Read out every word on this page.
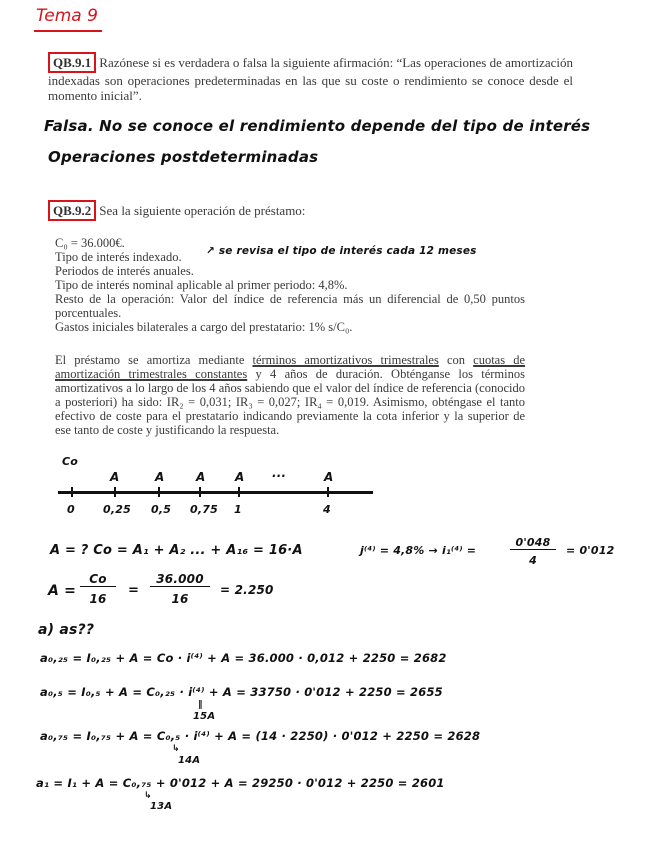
Tema 9
QB.9.1 Razónese si es verdadera o falsa la siguiente afirmación: “Las operaciones de amortización indexadas son operaciones predeterminadas en las que su coste o rendimiento se conoce desde el momento inicial”.
Falsa. No se conoce el rendimiento depende del tipo de interés
Operaciones postdeterminadas
QB.9.2 Sea la siguiente operación de préstamo:
C₀ = 36.000€.
Tipo de interés indexado.
Periodos de interés anuales.
Tipo de interés nominal aplicable al primer periodo: 4,8%.
Resto de la operación: Valor del índice de referencia más un diferencial de 0,50 puntos porcentuales.
Gastos iniciales bilaterales a cargo del prestatario: 1% s/C₀.
↗ se revisa el tipo de interés cada 12 meses
El préstamo se amortiza mediante términos amortizativos trimestrales con cuotas de amortización trimestrales constantes y 4 años de duración. Obténganse los términos amortizativos a lo largo de los 4 años sabiendo que el valor del índice de referencia (conocido a posteriori) ha sido: IR₂ = 0,031; IR₃ = 0,027; IR₄ = 0,019. Asimismo, obténgase el tanto efectivo de coste para el prestatario indicando previamente la cota inferior y la superior de ese tanto de coste y justificando la respuesta.
Co
A	A	A A ...	A
0	0,25 0,5 0,75 1	4
A = ? Co = A₁ + A₂ ... + A₁₆ = 16·A	j⁽⁴⁾ = 4,8% → i₁⁽⁴⁾ =
0'048
4
= 0'012
A =
Co
16
=
36.000
16
= 2.250
a) as??
a₀,₂₅ = I₀,₂₅ + A = Co · i⁽⁴⁾ + A = 36.000 · 0,012 + 2250 = 2682
a₀,₅ = I₀,₅ + A = C₀,₂₅ · i⁽⁴⁾ + A = 33750 · 0'012 + 2250 = 2655
‖
15A
a₀,₇₅ = I₀,₇₅ + A = C₀,₅ · i⁽⁴⁾ + A = (14 · 2250) · 0'012 + 2250 = 2628
↳
14A
a₁ = I₁ + A = C₀,₇₅ + 0'012 + A = 29250 · 0'012 + 2250 = 2601
↳
13A
